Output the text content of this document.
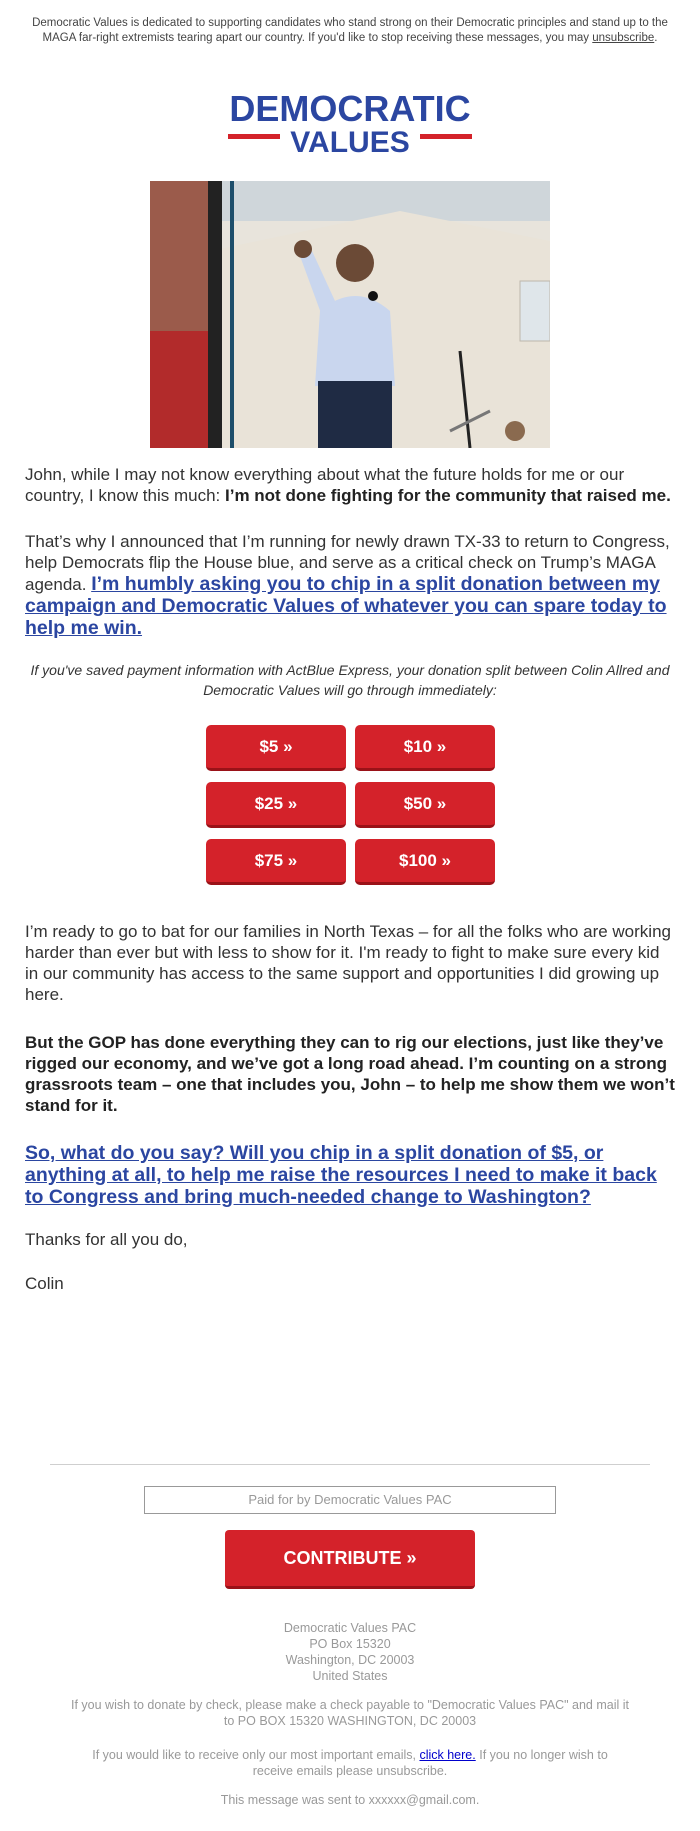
Democratic Values is dedicated to supporting candidates who stand strong on their Democratic principles and stand up to the MAGA far-right extremists tearing apart our country. If you'd like to stop receiving these messages, you may unsubscribe.
DEMOCRATIC
VALUES
John, while I may not know everything about what the future holds for me or our country, I know this much: I’m not done fighting for the community that raised me.
That’s why I announced that I’m running for newly drawn TX-33 to return to Congress, help Democrats flip the House blue, and serve as a critical check on Trump’s MAGA agenda. I’m humbly asking you to chip in a split donation between my campaign and Democratic Values of whatever you can spare today to help me win.
If you've saved payment information with ActBlue Express, your donation split between Colin Allred and Democratic Values will go through immediately:
$5 »	$10 »
$25 »	$50 »
$75 »	$100 »
I’m ready to go to bat for our families in North Texas – for all the folks who are working harder than ever but with less to show for it. I'm ready to fight to make sure every kid in our community has access to the same support and opportunities I did growing up here.
But the GOP has done everything they can to rig our elections, just like they’ve rigged our economy, and we’ve got a long road ahead. I’m counting on a strong grassroots team – one that includes you, John – to help me show them we won’t stand for it.
So, what do you say? Will you chip in a split donation of $5, or anything at all, to help me raise the resources I need to make it back to Congress and bring much-needed change to Washington?
Thanks for all you do,
Colin
Paid for by Democratic Values PAC
CONTRIBUTE »
Democratic Values PAC
PO Box 15320
Washington, DC 20003
United States
If you wish to donate by check, please make a check payable to "Democratic Values PAC" and mail it to PO BOX 15320 WASHINGTON, DC 20003
If you would like to receive only our most important emails, click here. If you no longer wish to receive emails please unsubscribe.
This message was sent to xxxxxx@gmail.com.
